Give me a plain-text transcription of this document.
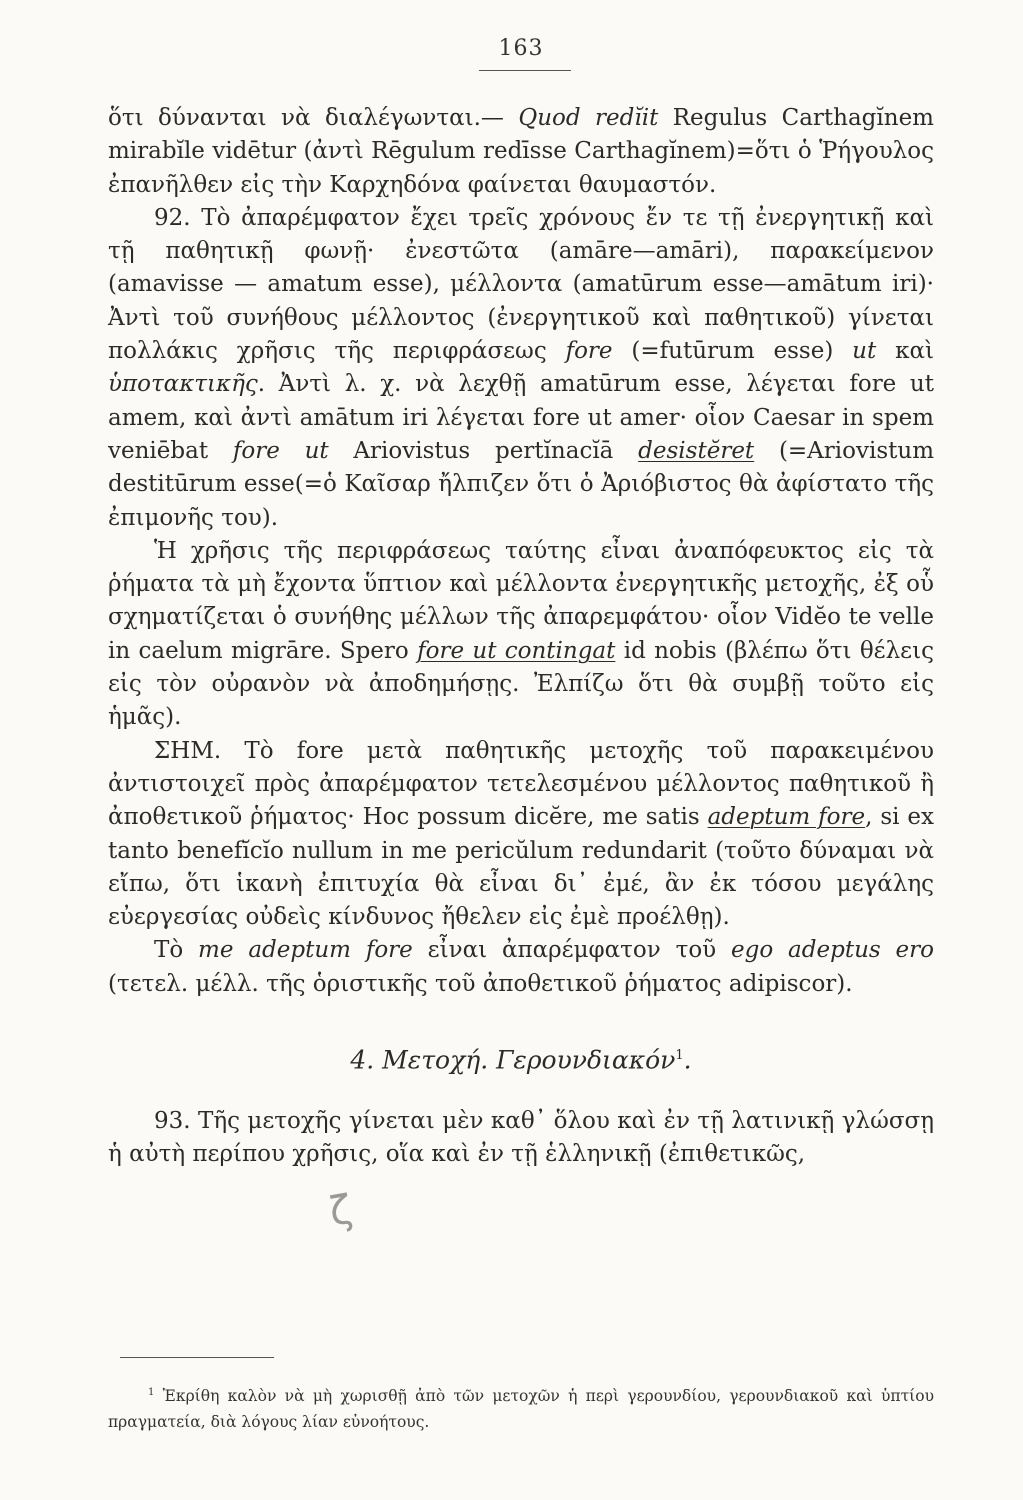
163

ὅτι δύνανται νὰ διαλέγωνται.— Quod redĭit Regulus Carthagĭnem mirabĭle vidētur (ἀντὶ Rēgulum redīsse Carthagĭnem)=ὅτι ὁ Ῥήγουλος ἐπανῆλθεν εἰς τὴν Καρχηδόνα φαίνεται θαυμαστόν.

92. Τὸ ἀπαρέμφατον ἔχει τρεῖς χρόνους ἔν τε τῇ ἐνεργητικῇ καὶ τῇ παθητικῇ φωνῇ· ἐνεστῶτα (amāre—amāri), παρακείμενον (amavisse — amatum esse), μέλλοντα (amatūrum esse—amātum iri)· Ἀντὶ τοῦ συνήθους μέλλοντος (ἐνεργητικοῦ καὶ παθητικοῦ) γίνεται πολλάκις χρῆσις τῆς περιφράσεως fore (=futūrum esse) ut καὶ ὑποτακτικῆς. Ἀντὶ λ. χ. νὰ λεχθῇ amatūrum esse, λέγεται fore ut amem, καὶ ἀντὶ amātum iri λέγεται fore ut amer· οἷον Caesar in spem veniēbat fore ut Ariovistus pertĭnacĭā desistĕret (=Ariovistum destitūrum esse(=ὁ Καῖσαρ ἤλπιζεν ὅτι ὁ Ἀριόβιστος θὰ ἀφίστατο τῆς ἐπιμονῆς του).

Ἡ χρῆσις τῆς περιφράσεως ταύτης εἶναι ἀναπόφευκτος εἰς τὰ ῥήματα τὰ μὴ ἔχοντα ὕπτιον καὶ μέλλοντα ἐνεργητικῆς μετοχῆς, ἐξ οὗ σχηματίζεται ὁ συνήθης μέλλων τῆς ἀπαρεμφάτου· οἷον Vidĕo te velle in caelum migrāre. Spero fore ut contingat id nobis (βλέπω ὅτι θέλεις εἰς τὸν οὐρανὸν νὰ ἀποδημήσῃς. Ἐλπίζω ὅτι θὰ συμβῇ τοῦτο εἰς ἡμᾶς).

ΣΗΜ. Τὸ fore μετὰ παθητικῆς μετοχῆς τοῦ παρακειμένου ἀντιστοιχεῖ πρὸς ἀπαρέμφατον τετελεσμένου μέλλοντος παθητικοῦ ἢ ἀποθετικοῦ ῥήματος· Hoc possum dicĕre, me satis adeptum fore, si ex tanto benefĭcĭo nullum in me pericŭlum redundarit (τοῦτο δύναμαι νὰ εἴπω, ὅτι ἱκανὴ ἐπιτυχία θὰ εἶναι δι᾽ ἐμέ, ἂν ἐκ τόσου μεγάλης εὐεργεσίας οὐδεὶς κίνδυνος ἤθελεν εἰς ἐμὲ προέλθῃ).

Τὸ me adeptum fore εἶναι ἀπαρέμφατον τοῦ ego adeptus ero (τετελ. μέλλ. τῆς ὁριστικῆς τοῦ ἀποθετικοῦ ῥήματος adipiscor).

4. Μετοχή. Γερουνδιακόν$^1$.

93. Τῆς μετοχῆς γίνεται μὲν καθ᾽ ὅλου καὶ ἐν τῇ λατινικῇ γλώσσῃ ἡ αὐτὴ περίπου χρῆσις, οἵα καὶ ἐν τῇ ἑλληνικῇ (ἐπιθετικῶς,

ζ

$^1$ Ἐκρίθη καλὸν νὰ μὴ χωρισθῇ ἀπὸ τῶν μετοχῶν ἡ περὶ γερουνδίου, γερουνδιακοῦ καὶ ὑπτίου πραγματεία, διὰ λόγους λίαν εὐνοήτους.
